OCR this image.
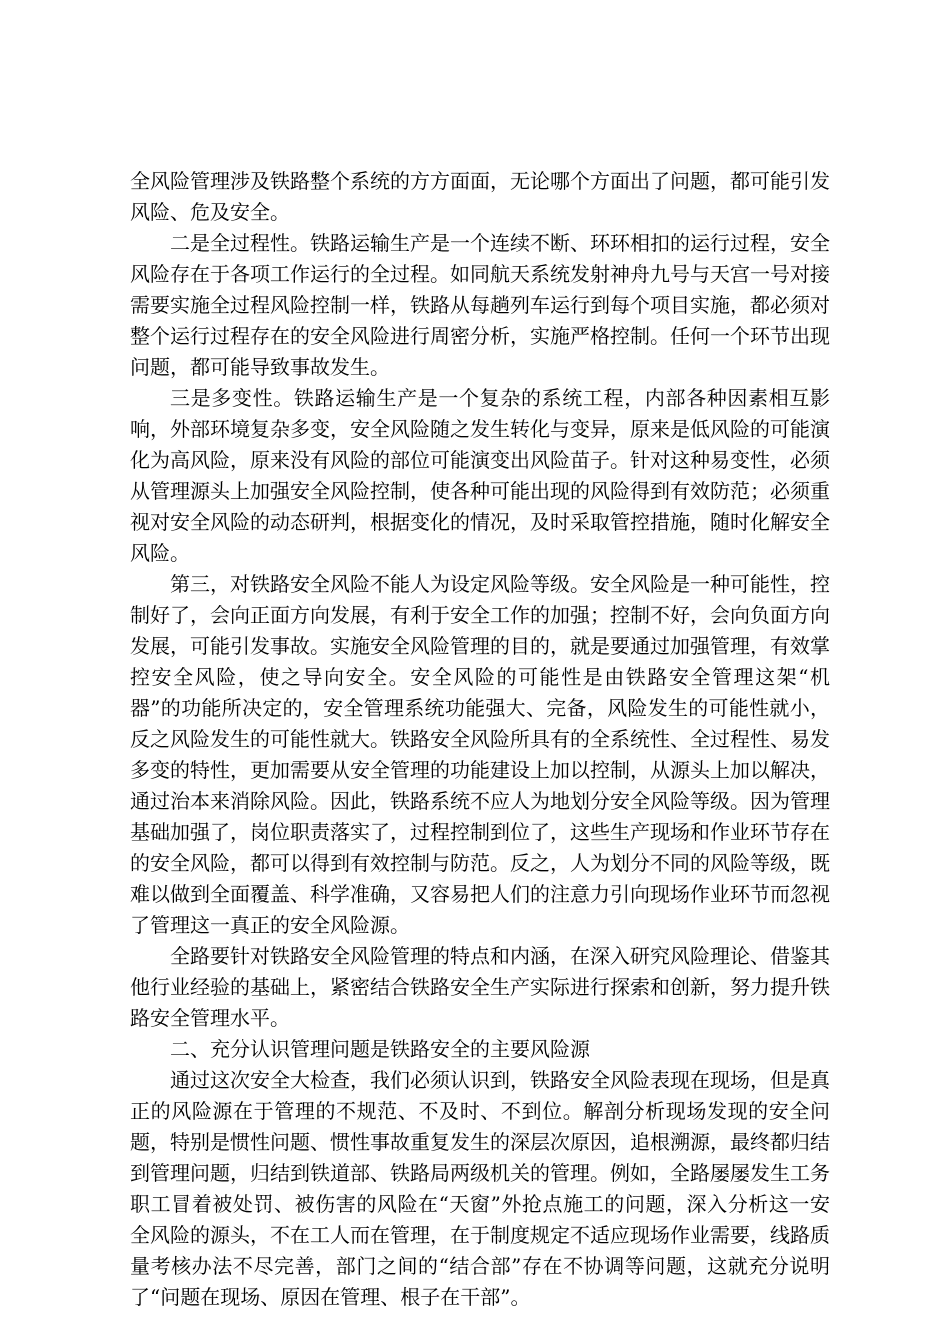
全风险管理涉及铁路整个系统的方方面面，无论哪个方面出了问题，都可能引发风险、危及安全。

二是全过程性。铁路运输生产是一个连续不断、环环相扣的运行过程，安全风险存在于各项工作运行的全过程。如同航天系统发射神舟九号与天宫一号对接需要实施全过程风险控制一样，铁路从每趟列车运行到每个项目实施，都必须对整个运行过程存在的安全风险进行周密分析，实施严格控制。任何一个环节出现问题，都可能导致事故发生。

三是多变性。铁路运输生产是一个复杂的系统工程，内部各种因素相互影响，外部环境复杂多变，安全风险随之发生转化与变异，原来是低风险的可能演化为高风险，原来没有风险的部位可能演变出风险苗子。针对这种易变性，必须从管理源头上加强安全风险控制，使各种可能出现的风险得到有效防范；必须重视对安全风险的动态研判，根据变化的情况，及时采取管控措施，随时化解安全风险。

第三，对铁路安全风险不能人为设定风险等级。安全风险是一种可能性，控制好了，会向正面方向发展，有利于安全工作的加强；控制不好，会向负面方向发展，可能引发事故。实施安全风险管理的目的，就是要通过加强管理，有效掌控安全风险，使之导向安全。安全风险的可能性是由铁路安全管理这架“机器”的功能所决定的，安全管理系统功能强大、完备，风险发生的可能性就小，反之风险发生的可能性就大。铁路安全风险所具有的全系统性、全过程性、易发多变的特性，更加需要从安全管理的功能建设上加以控制，从源头上加以解决，通过治本来消除风险。因此，铁路系统不应人为地划分安全风险等级。因为管理基础加强了，岗位职责落实了，过程控制到位了，这些生产现场和作业环节存在的安全风险，都可以得到有效控制与防范。反之，人为划分不同的风险等级，既难以做到全面覆盖、科学准确，又容易把人们的注意力引向现场作业环节而忽视了管理这一真正的安全风险源。

全路要针对铁路安全风险管理的特点和内涵，在深入研究风险理论、借鉴其他行业经验的基础上，紧密结合铁路安全生产实际进行探索和创新，努力提升铁路安全管理水平。

二、充分认识管理问题是铁路安全的主要风险源

通过这次安全大检查，我们必须认识到，铁路安全风险表现在现场，但是真正的风险源在于管理的不规范、不及时、不到位。解剖分析现场发现的安全问题，特别是惯性问题、惯性事故重复发生的深层次原因，追根溯源，最终都归结到管理问题，归结到铁道部、铁路局两级机关的管理。例如，全路屡屡发生工务职工冒着被处罚、被伤害的风险在“天窗”外抢点施工的问题，深入分析这一安全风险的源头，不在工人而在管理，在于制度规定不适应现场作业需要，线路质量考核办法不尽完善，部门之间的“结合部”存在不协调等问题，这就充分说明了“问题在现场、原因在管理、根子在干部”。
